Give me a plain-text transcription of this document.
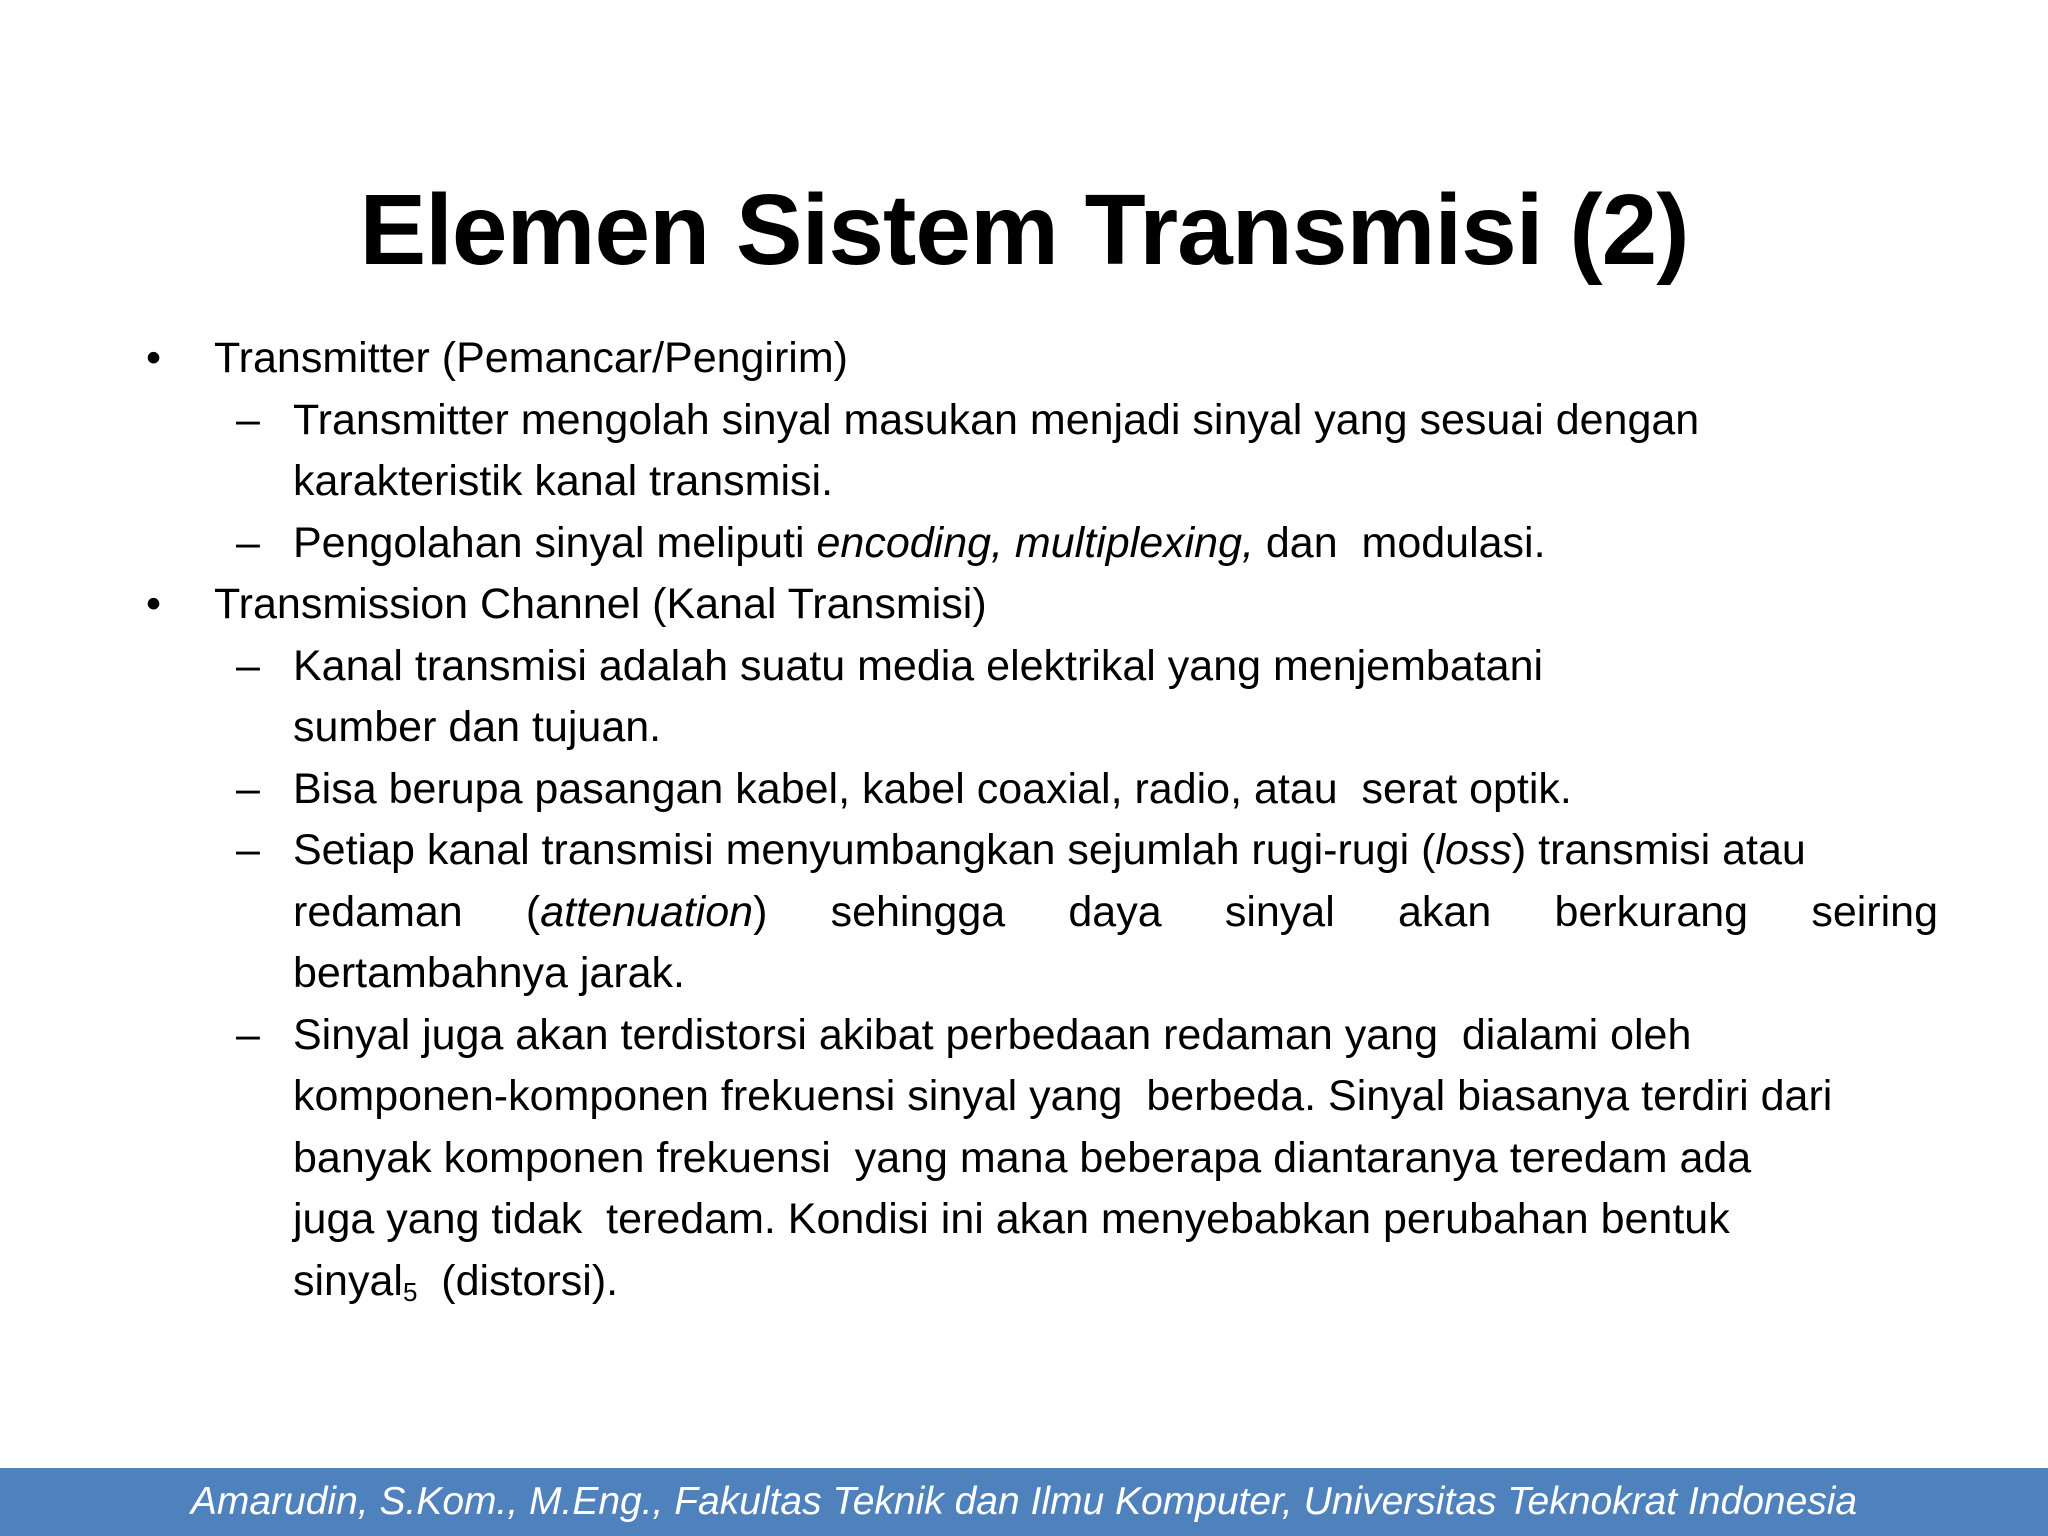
Elemen Sistem Transmisi (2)
• Transmitter (Pemancar/Pengirim)
– Transmitter mengolah sinyal masukan menjadi sinyal yang sesuai dengan
karakteristik kanal transmisi.
– Pengolahan sinyal meliputi encoding, multiplexing, dan  modulasi.
• Transmission Channel (Kanal Transmisi)
– Kanal transmisi adalah suatu media elektrikal yang menjembatani
sumber dan tujuan.
– Bisa berupa pasangan kabel, kabel coaxial, radio, atau  serat optik.
– Setiap kanal transmisi menyumbangkan sejumlah rugi-rugi (loss) transmisi atau
redaman (attenuation) sehingga daya sinyal akan berkurang seiring
bertambahnya jarak.
– Sinyal juga akan terdistorsi akibat perbedaan redaman yang  dialami oleh
komponen-komponen frekuensi sinyal yang  berbeda. Sinyal biasanya terdiri dari
banyak komponen frekuensi  yang mana beberapa diantaranya teredam ada
juga yang tidak  teredam. Kondisi ini akan menyebabkan perubahan bentuk
sinyal$_5$  (distorsi).
Amarudin, S.Kom., M.Eng., Fakultas Teknik dan Ilmu Komputer, Universitas Teknokrat Indonesia
